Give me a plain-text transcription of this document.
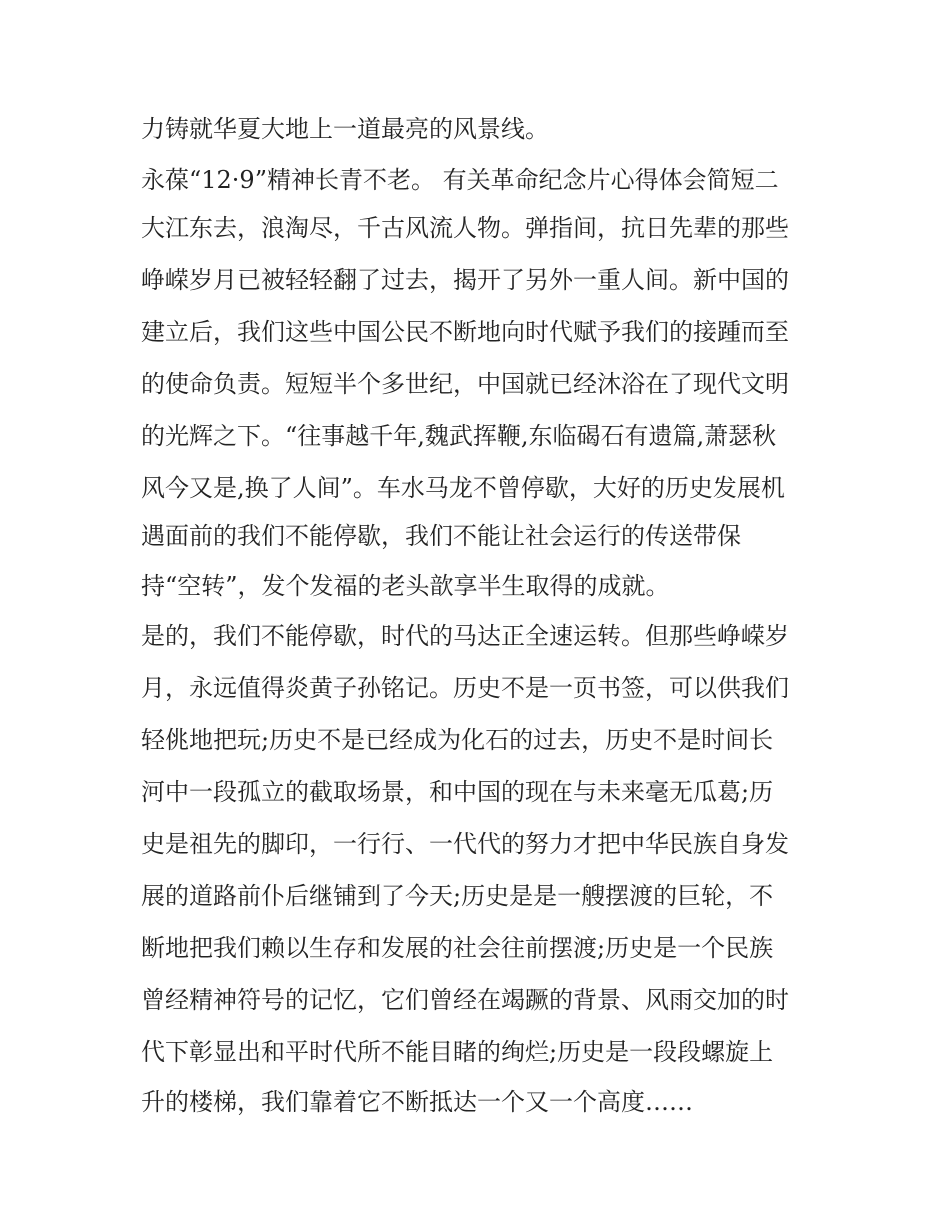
力铸就华夏大地上一道最亮的风景线。
永葆“12·9”精神长青不老。 有关革命纪念片心得体会简短二
大江东去，浪淘尽，千古风流人物。弹指间，抗日先辈的那些
峥嵘岁月已被轻轻翻了过去，揭开了另外一重人间。新中国的
建立后，我们这些中国公民不断地向时代赋予我们的接踵而至
的使命负责。短短半个多世纪，中国就已经沐浴在了现代文明
的光辉之下。“往事越千年,魏武挥鞭,东临碣石有遗篇,萧瑟秋
风今又是,换了人间”。车水马龙不曾停歇，大好的历史发展机
遇面前的我们不能停歇，我们不能让社会运行的传送带保
持“空转”，发个发福的老头歆享半生取得的成就。
是的，我们不能停歇，时代的马达正全速运转。但那些峥嵘岁
月，永远值得炎黄子孙铭记。历史不是一页书签，可以供我们
轻佻地把玩;历史不是已经成为化石的过去，历史不是时间长
河中一段孤立的截取场景，和中国的现在与未来毫无瓜葛;历
史是祖先的脚印，一行行、一代代的努力才把中华民族自身发
展的道路前仆后继铺到了今天;历史是是一艘摆渡的巨轮，不
断地把我们赖以生存和发展的社会往前摆渡;历史是一个民族
曾经精神符号的记忆，它们曾经在竭蹶的背景、风雨交加的时
代下彰显出和平时代所不能目睹的绚烂;历史是一段段螺旋上
升的楼梯，我们靠着它不断抵达一个又一个高度……
